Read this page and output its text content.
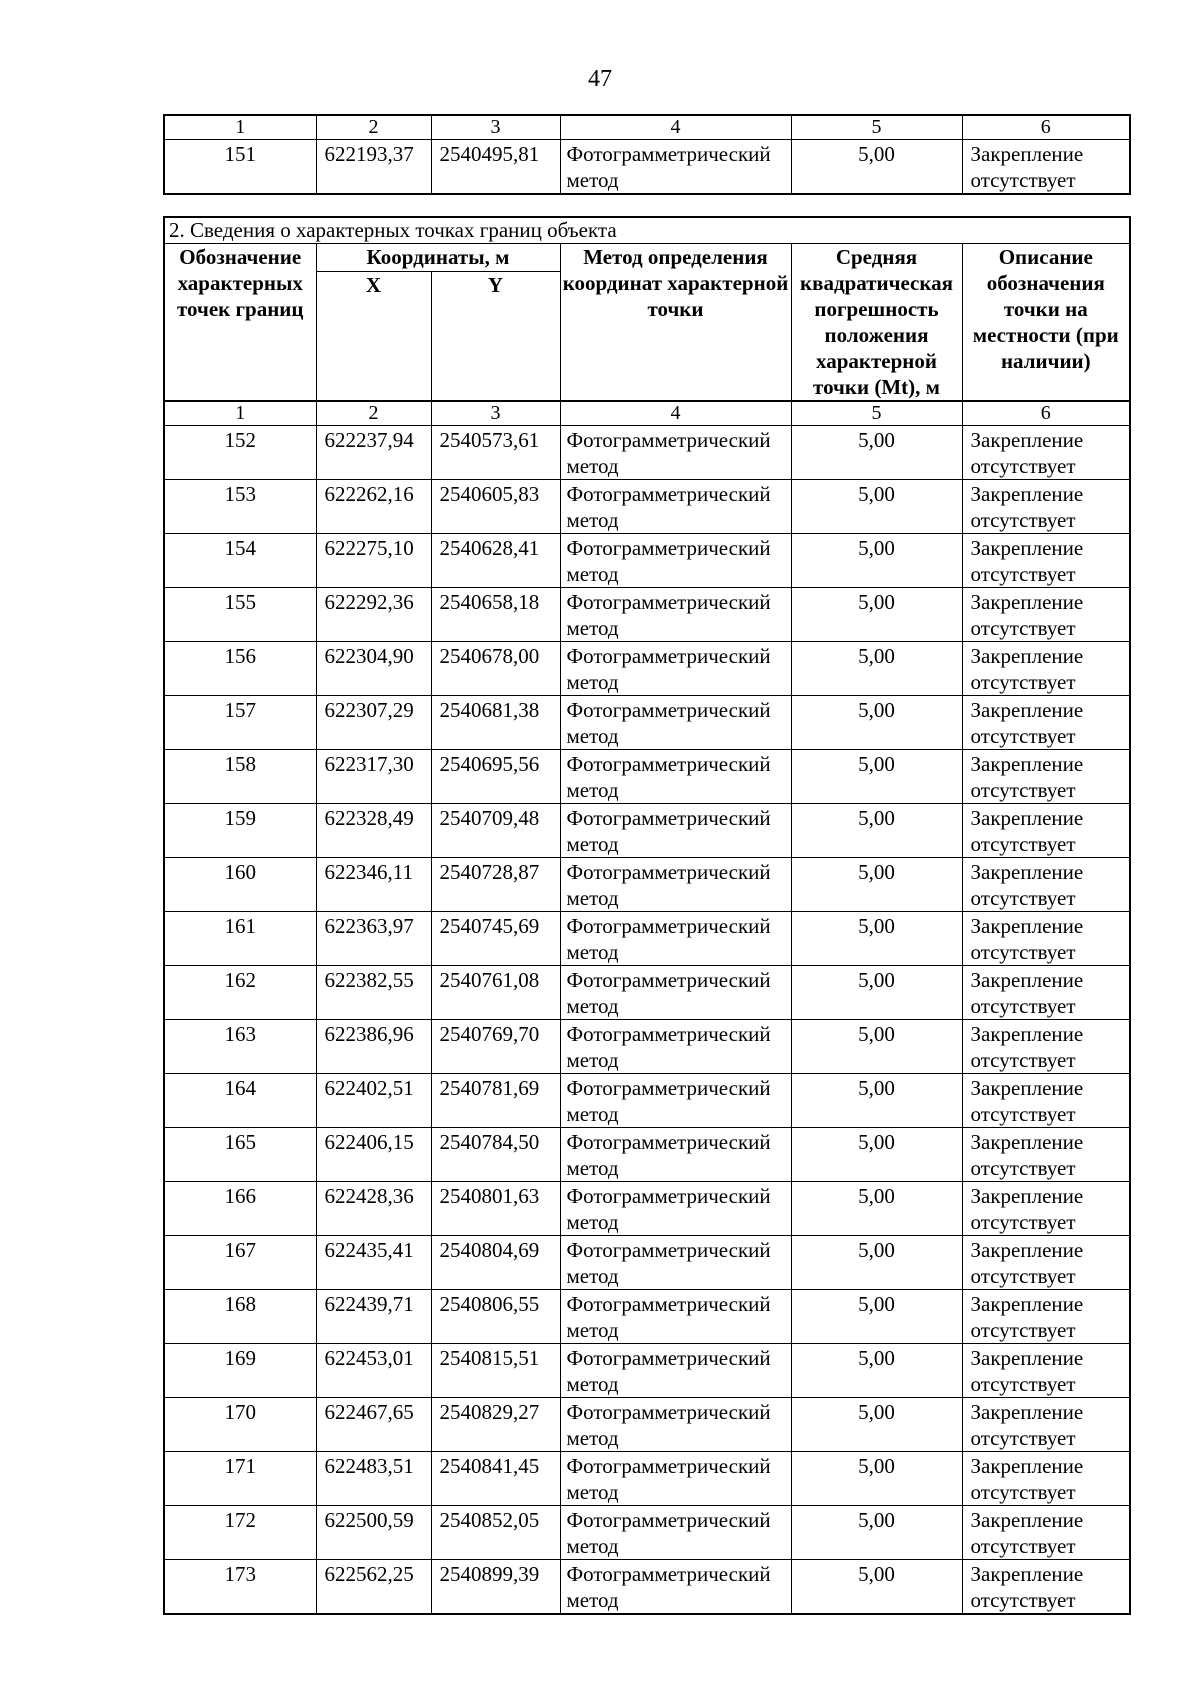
47
1	2	3	4	5	6
151	622193,37	2540495,81	Фотограмметрический метод	5,00	Закрепление отсутствует
2. Сведения о характерных точках границ объекта					
Обозначение характерных точек границ	Координаты, м		Метод определения координат характерной точки	Средняя квадратическая погрешность положения характерной точки (Mt), м	Описание обозначения точки на местности (при наличии)
	X	Y			
1	2	3	4	5	6
152	622237,94	2540573,61	Фотограмметрический метод	5,00	Закрепление отсутствует
153	622262,16	2540605,83	Фотограмметрический метод	5,00	Закрепление отсутствует
154	622275,10	2540628,41	Фотограмметрический метод	5,00	Закрепление отсутствует
155	622292,36	2540658,18	Фотограмметрический метод	5,00	Закрепление отсутствует
156	622304,90	2540678,00	Фотограмметрический метод	5,00	Закрепление отсутствует
157	622307,29	2540681,38	Фотограмметрический метод	5,00	Закрепление отсутствует
158	622317,30	2540695,56	Фотограмметрический метод	5,00	Закрепление отсутствует
159	622328,49	2540709,48	Фотограмметрический метод	5,00	Закрепление отсутствует
160	622346,11	2540728,87	Фотограмметрический метод	5,00	Закрепление отсутствует
161	622363,97	2540745,69	Фотограмметрический метод	5,00	Закрепление отсутствует
162	622382,55	2540761,08	Фотограмметрический метод	5,00	Закрепление отсутствует
163	622386,96	2540769,70	Фотограмметрический метод	5,00	Закрепление отсутствует
164	622402,51	2540781,69	Фотограмметрический метод	5,00	Закрепление отсутствует
165	622406,15	2540784,50	Фотограмметрический метод	5,00	Закрепление отсутствует
166	622428,36	2540801,63	Фотограмметрический метод	5,00	Закрепление отсутствует
167	622435,41	2540804,69	Фотограмметрический метод	5,00	Закрепление отсутствует
168	622439,71	2540806,55	Фотограмметрический метод	5,00	Закрепление отсутствует
169	622453,01	2540815,51	Фотограмметрический метод	5,00	Закрепление отсутствует
170	622467,65	2540829,27	Фотограмметрический метод	5,00	Закрепление отсутствует
171	622483,51	2540841,45	Фотограмметрический метод	5,00	Закрепление отсутствует
172	622500,59	2540852,05	Фотограмметрический метод	5,00	Закрепление отсутствует
173	622562,25	2540899,39	Фотограмметрический метод	5,00	Закрепление отсутствует
